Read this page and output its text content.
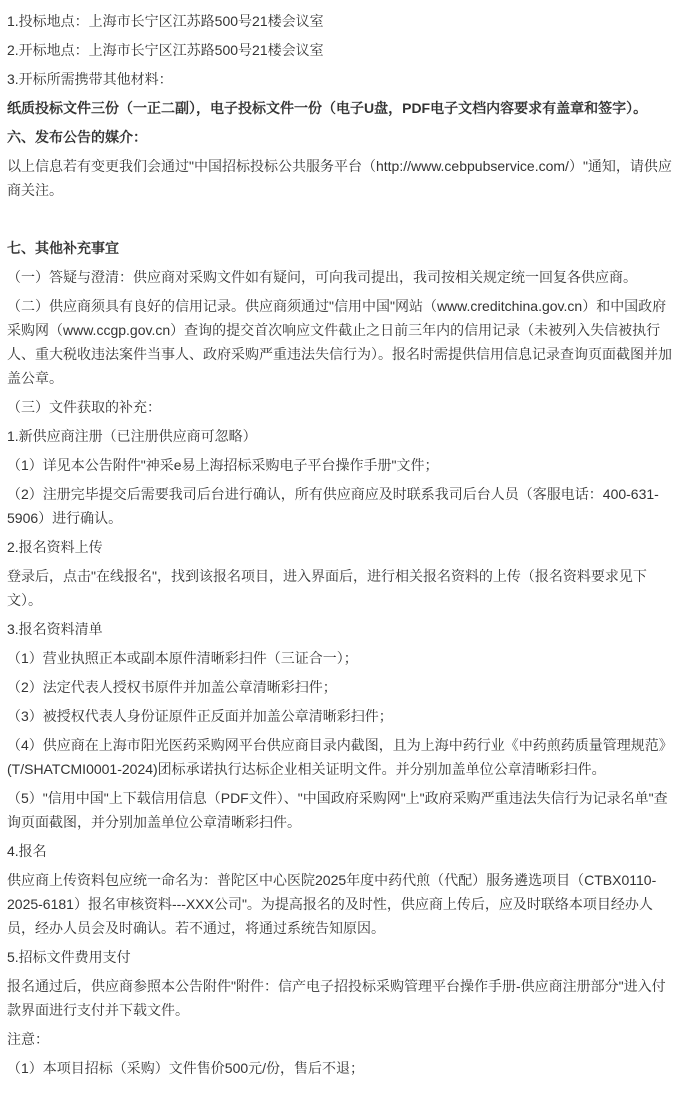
1.投标地点：上海市长宁区江苏路500号21楼会议室

2.开标地点：上海市长宁区江苏路500号21楼会议室

3.开标所需携带其他材料：

纸质投标文件三份（一正二副），电子投标文件一份（电子U盘，PDF电子文档内容要求有盖章和签字）。

六、发布公告的媒介：

以上信息若有变更我们会通过"中国招标投标公共服务平台（http://www.cebpubservice.com/）"通知，请供应商关注。

七、其他补充事宜

（一）答疑与澄清：供应商对采购文件如有疑问，可向我司提出，我司按相关规定统一回复各供应商。

（二）供应商须具有良好的信用记录。供应商须通过"信用中国"网站（www.creditchina.gov.cn）和中国政府采购网（www.ccgp.gov.cn）查询的提交首次响应文件截止之日前三年内的信用记录（未被列入失信被执行人、重大税收违法案件当事人、政府采购严重违法失信行为）。报名时需提供信用信息记录查询页面截图并加盖公章。

（三）文件获取的补充：

1.新供应商注册（已注册供应商可忽略）

（1）详见本公告附件"神采e易上海招标采购电子平台操作手册"文件；

（2）注册完毕提交后需要我司后台进行确认，所有供应商应及时联系我司后台人员（客服电话：400-631-5906）进行确认。

2.报名资料上传

登录后，点击"在线报名"，找到该报名项目，进入界面后，进行相关报名资料的上传（报名资料要求见下文）。

3.报名资料清单

（1）营业执照正本或副本原件清晰彩扫件（三证合一）；

（2）法定代表人授权书原件并加盖公章清晰彩扫件；

（3）被授权代表人身份证原件正反面并加盖公章清晰彩扫件；

（4）供应商在上海市阳光医药采购网平台供应商目录内截图，且为上海中药行业《中药煎药质量管理规范》(T/SHATCMI0001-2024)团标承诺执行达标企业相关证明文件。并分别加盖单位公章清晰彩扫件。

（5）"信用中国"上下载信用信息（PDF文件）、"中国政府采购网"上"政府采购严重违法失信行为记录名单"查询页面截图，并分别加盖单位公章清晰彩扫件。

4.报名

供应商上传资料包应统一命名为：普陀区中心医院2025年度中药代煎（代配）服务遴选项目（CTBX0110-2025-6181）报名审核资料---XXX公司"。为提高报名的及时性，供应商上传后，应及时联络本项目经办人员，经办人员会及时确认。若不通过，将通过系统告知原因。

5.招标文件费用支付

报名通过后，供应商参照本公告附件"附件：信产电子招投标采购管理平台操作手册-供应商注册部分"进入付款界面进行支付并下载文件。

注意：

（1）本项目招标（采购）文件售价500元/份，售后不退；
